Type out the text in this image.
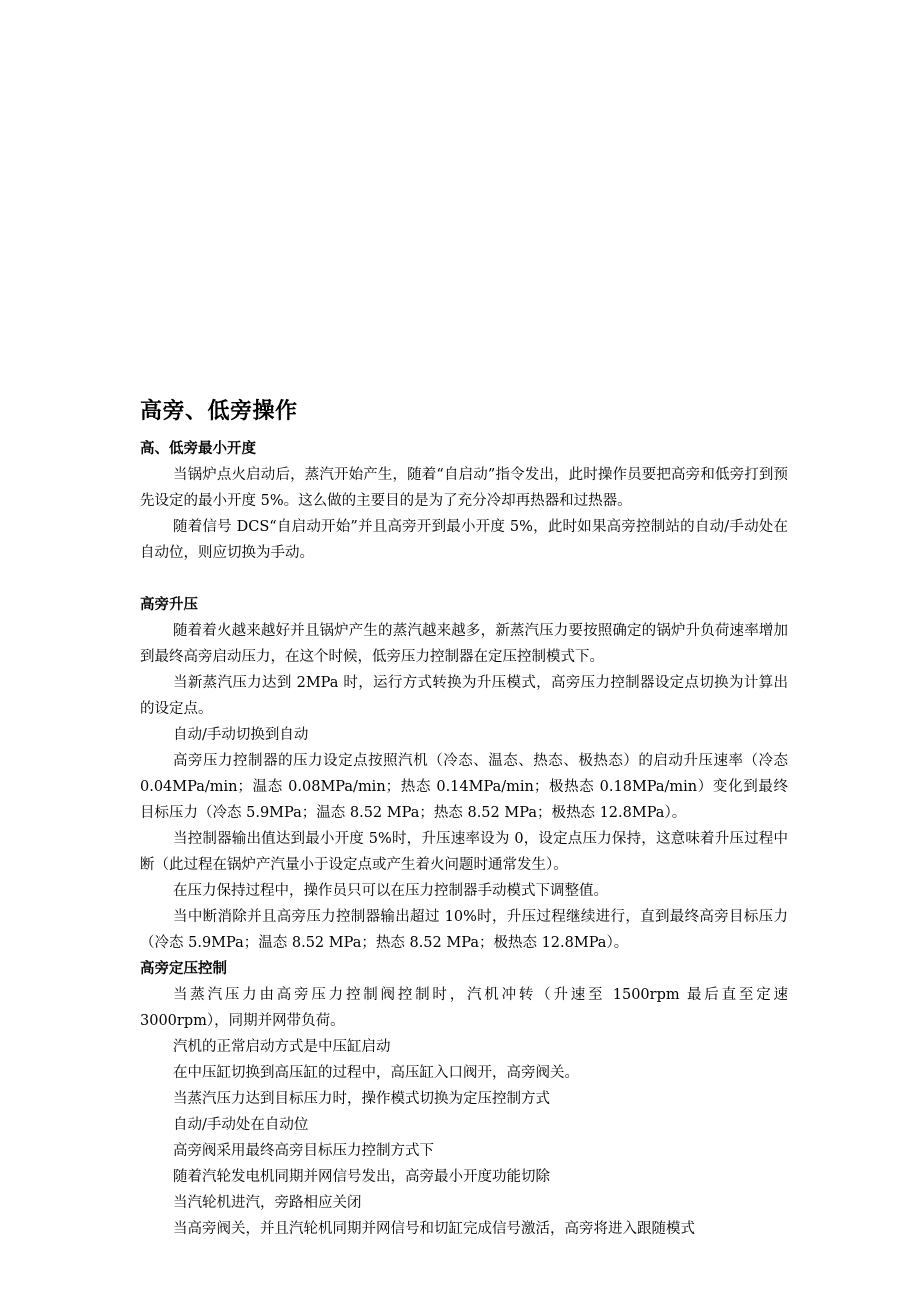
高旁、低旁操作
高、低旁最小开度

当锅炉点火启动后，蒸汽开始产生，随着“自启动”指令发出，此时操作员要把高旁和低旁打到预先设定的最小开度 5%。这么做的主要目的是为了充分冷却再热器和过热器。

随着信号 DCS“自启动开始”并且高旁开到最小开度 5%，此时如果高旁控制站的自动/手动处在自动位，则应切换为手动。

高旁升压

随着着火越来越好并且锅炉产生的蒸汽越来越多，新蒸汽压力要按照确定的锅炉升负荷速率增加到最终高旁启动压力，在这个时候，低旁压力控制器在定压控制模式下。

当新蒸汽压力达到 2MPa 时，运行方式转换为升压模式，高旁压力控制器设定点切换为计算出的设定点。

自动/手动切换到自动

高旁压力控制器的压力设定点按照汽机（冷态、温态、热态、极热态）的启动升压速率（冷态 0.04MPa/min；温态 0.08MPa/min；热态 0.14MPa/min；极热态 0.18MPa/min）变化到最终目标压力（冷态 5.9MPa；温态 8.52 MPa；热态 8.52 MPa；极热态 12.8MPa）。

当控制器输出值达到最小开度 5%时，升压速率设为 0，设定点压力保持，这意味着升压过程中断（此过程在锅炉产汽量小于设定点或产生着火问题时通常发生）。

在压力保持过程中，操作员只可以在压力控制器手动模式下调整值。

当中断消除并且高旁压力控制器输出超过 10%时，升压过程继续进行，直到最终高旁目标压力（冷态 5.9MPa；温态 8.52 MPa；热态 8.52 MPa；极热态 12.8MPa）。

高旁定压控制

当蒸汽压力由高旁压力控制阀控制时，汽机冲转（升速至 1500rpm 最后直至定速 3000rpm），同期并网带负荷。

汽机的正常启动方式是中压缸启动

在中压缸切换到高压缸的过程中，高压缸入口阀开，高旁阀关。

当蒸汽压力达到目标压力时，操作模式切换为定压控制方式

自动/手动处在自动位

高旁阀采用最终高旁目标压力控制方式下

随着汽轮发电机同期并网信号发出，高旁最小开度功能切除

当汽轮机进汽，旁路相应关闭

当高旁阀关，并且汽轮机同期并网信号和切缸完成信号激活，高旁将进入跟随模式
